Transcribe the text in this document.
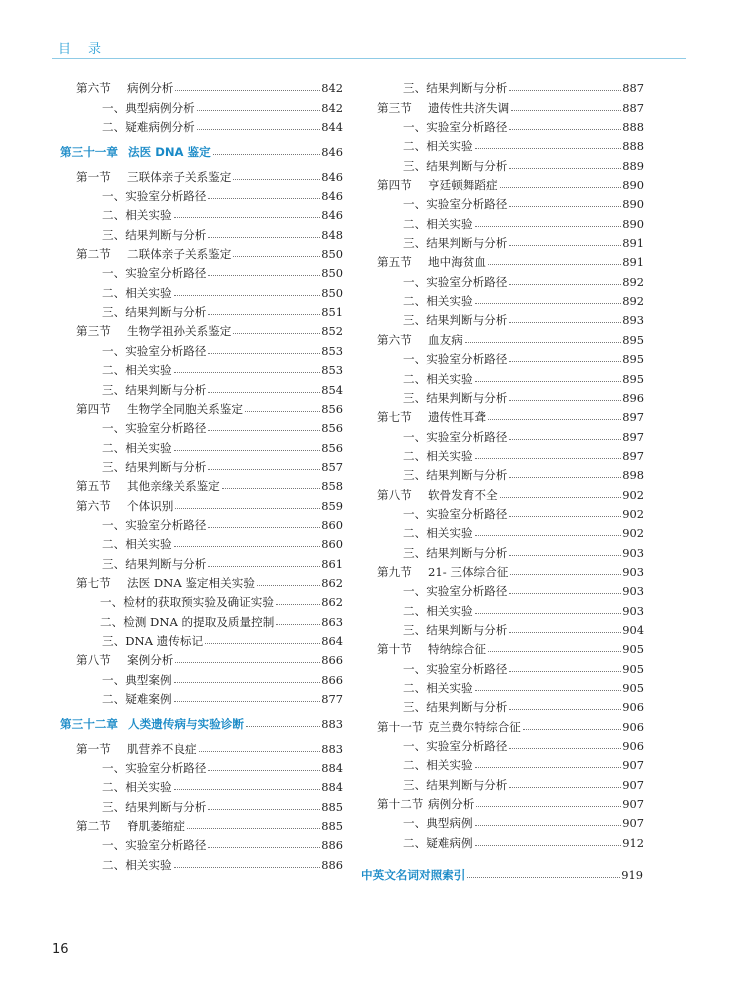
目 录
第六节	病例分析	842
一、典型病例分析	842
二、疑难病例分析	844
第三十一章 法医 DNA 鉴定	846
第一节	三联体亲子关系鉴定	846
一、实验室分析路径	846
二、相关实验	846
三、结果判断与分析	848
第二节	二联体亲子关系鉴定	850
一、实验室分析路径	850
二、相关实验	850
三、结果判断与分析	851
第三节	生物学祖孙关系鉴定	852
一、实验室分析路径	853
二、相关实验	853
三、结果判断与分析	854
第四节	生物学全同胞关系鉴定	856
一、实验室分析路径	856
二、相关实验	856
三、结果判断与分析	857
第五节	其他亲缘关系鉴定	858
第六节	个体识别	859
一、实验室分析路径	860
二、相关实验	860
三、结果判断与分析	861
第七节	法医 DNA 鉴定相关实验	862
一、检材的获取预实验及确证实验	862
二、检测 DNA 的提取及质量控制	863
三、DNA 遗传标记	864
第八节	案例分析	866
一、典型案例	866
二、疑难案例	877
第三十二章 人类遗传病与实验诊断	883
第一节	肌营养不良症	883
一、实验室分析路径	884
二、相关实验	884
三、结果判断与分析	885
第二节	脊肌萎缩症	885
一、实验室分析路径	886
二、相关实验	886
三、结果判断与分析	887
第三节	遗传性共济失调	887
一、实验室分析路径	888
二、相关实验	888
三、结果判断与分析	889
第四节	亨廷顿舞蹈症	890
一、实验室分析路径	890
二、相关实验	890
三、结果判断与分析	891
第五节	地中海贫血	891
一、实验室分析路径	892
二、相关实验	892
三、结果判断与分析	893
第六节	血友病	895
一、实验室分析路径	895
二、相关实验	895
三、结果判断与分析	896
第七节	遗传性耳聋	897
一、实验室分析路径	897
二、相关实验	897
三、结果判断与分析	898
第八节	软骨发育不全	902
一、实验室分析路径	902
二、相关实验	902
三、结果判断与分析	903
第九节	21- 三体综合征	903
一、实验室分析路径	903
二、相关实验	903
三、结果判断与分析	904
第十节	特纳综合征	905
一、实验室分析路径	905
二、相关实验	905
三、结果判断与分析	906
第十一节 克兰费尔特综合征	906
一、实验室分析路径	906
二、相关实验	907
三、结果判断与分析	907
第十二节 病例分析	907
一、典型病例	907
二、疑难病例	912
中英文名词对照索引	919
16
